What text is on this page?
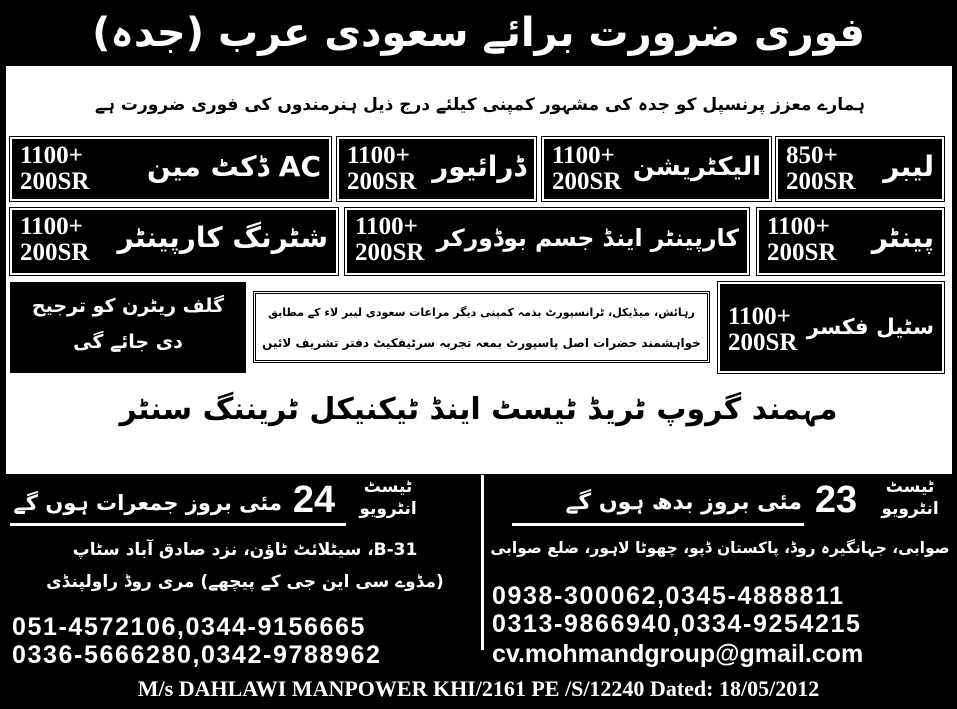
فوری ضرورت برائے سعودی عرب (جدہ)
ہمارے معزز پرنسپل کو جدہ کی مشہور کمپنی کیلئے درج ذیل ہنرمندوں کی فوری ضرورت ہے
850+
200SR لیبر
1100+
200SR الیکٹریشن
1100+
200SR ڈرائیور
1100+
200SR	AC ڈکٹ مین
1100+
200SR	پینٹر
1100+
200SR
کارپینٹر اینڈ جسم بوڈورکر
1100+
200SR	شٹرنگ کارپینٹر
1100+
200SR
سٹیل فکسر
رہائش، میڈیکل، ٹرانسپورٹ بذمہ کمپنی دیگر مراعات سعودی لیبر لاء کے مطابق
خواہشمند حضرات اصل پاسپورٹ بمعہ تجربہ سرٹیفکیٹ دفتر تشریف لائیں
گلف ریٹرن کو ترجیح
دی جائے گی
مہمند گروپ ٹریڈ ٹیسٹ اینڈ ٹیکنیکل ٹریننگ سنٹر
ٹیسٹ
انٹرویو
23
مئی بروز بدھ ہوں گے
صوابی، جہانگیرہ روڈ، پاکستان ڈپو، چھوٹا لاہور، ضلع صوابی
0938-300062,0345-4888811
0313-9866940,0334-9254215
cv.mohmandgroup@gmail.com
ٹیسٹ
انٹرویو
24
مئی بروز جمعرات ہوں گے
B-31، سیٹلائٹ ٹاؤن، نزد صادق آباد سٹاپ
(مڈوے سی این جی کے پیچھے) مری روڈ راولپنڈی
051-4572106,0344-9156665
0336-5666280,0342-9788962
M/s DAHLAWI MANPOWER KHI/2161 PE /S/12240 Dated: 18/05/2012
